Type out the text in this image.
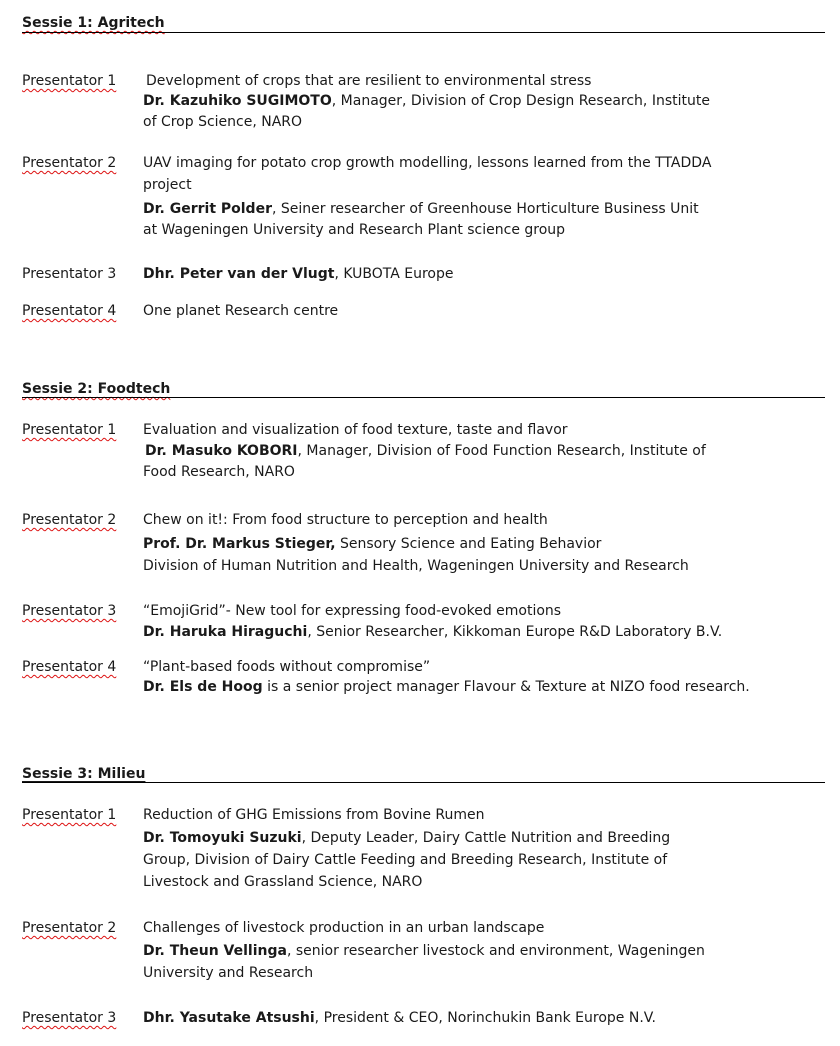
Sessie 1: Agritech
Presentator 1 Development of crops that are resilient to environmental stress
Dr. Kazuhiko SUGIMOTO, Manager, Division of Crop Design Research, Institute
of Crop Science, NARO
Presentator 2 UAV imaging for potato crop growth modelling, lessons learned from the TTADDA
project
Dr. Gerrit Polder, Seiner researcher of Greenhouse Horticulture Business Unit
at Wageningen University and Research Plant science group
Presentator 3 Dhr. Peter van der Vlugt, KUBOTA Europe
Presentator 4 One planet Research centre
Sessie 2: Foodtech
Presentator 1 Evaluation and visualization of food texture, taste and flavor
Dr. Masuko KOBORI, Manager, Division of Food Function Research, Institute of
Food Research, NARO
Presentator 2 Chew on it!: From food structure to perception and health
Prof. Dr. Markus Stieger, Sensory Science and Eating Behavior
Division of Human Nutrition and Health, Wageningen University and Research
Presentator 3 “EmojiGrid”- New tool for expressing food-evoked emotions
Dr. Haruka Hiraguchi, Senior Researcher, Kikkoman Europe R&D Laboratory B.V.
Presentator 4 “Plant-based foods without compromise”
Dr. Els de Hoog is a senior project manager Flavour & Texture at NIZO food research.
Sessie 3: Milieu
Presentator 1 Reduction of GHG Emissions from Bovine Rumen
Dr. Tomoyuki Suzuki, Deputy Leader, Dairy Cattle Nutrition and Breeding
Group, Division of Dairy Cattle Feeding and Breeding Research, Institute of
Livestock and Grassland Science, NARO
Presentator 2 Challenges of livestock production in an urban landscape
Dr. Theun Vellinga, senior researcher livestock and environment, Wageningen
University and Research
Presentator 3 Dhr. Yasutake Atsushi, President & CEO, Norinchukin Bank Europe N.V.
